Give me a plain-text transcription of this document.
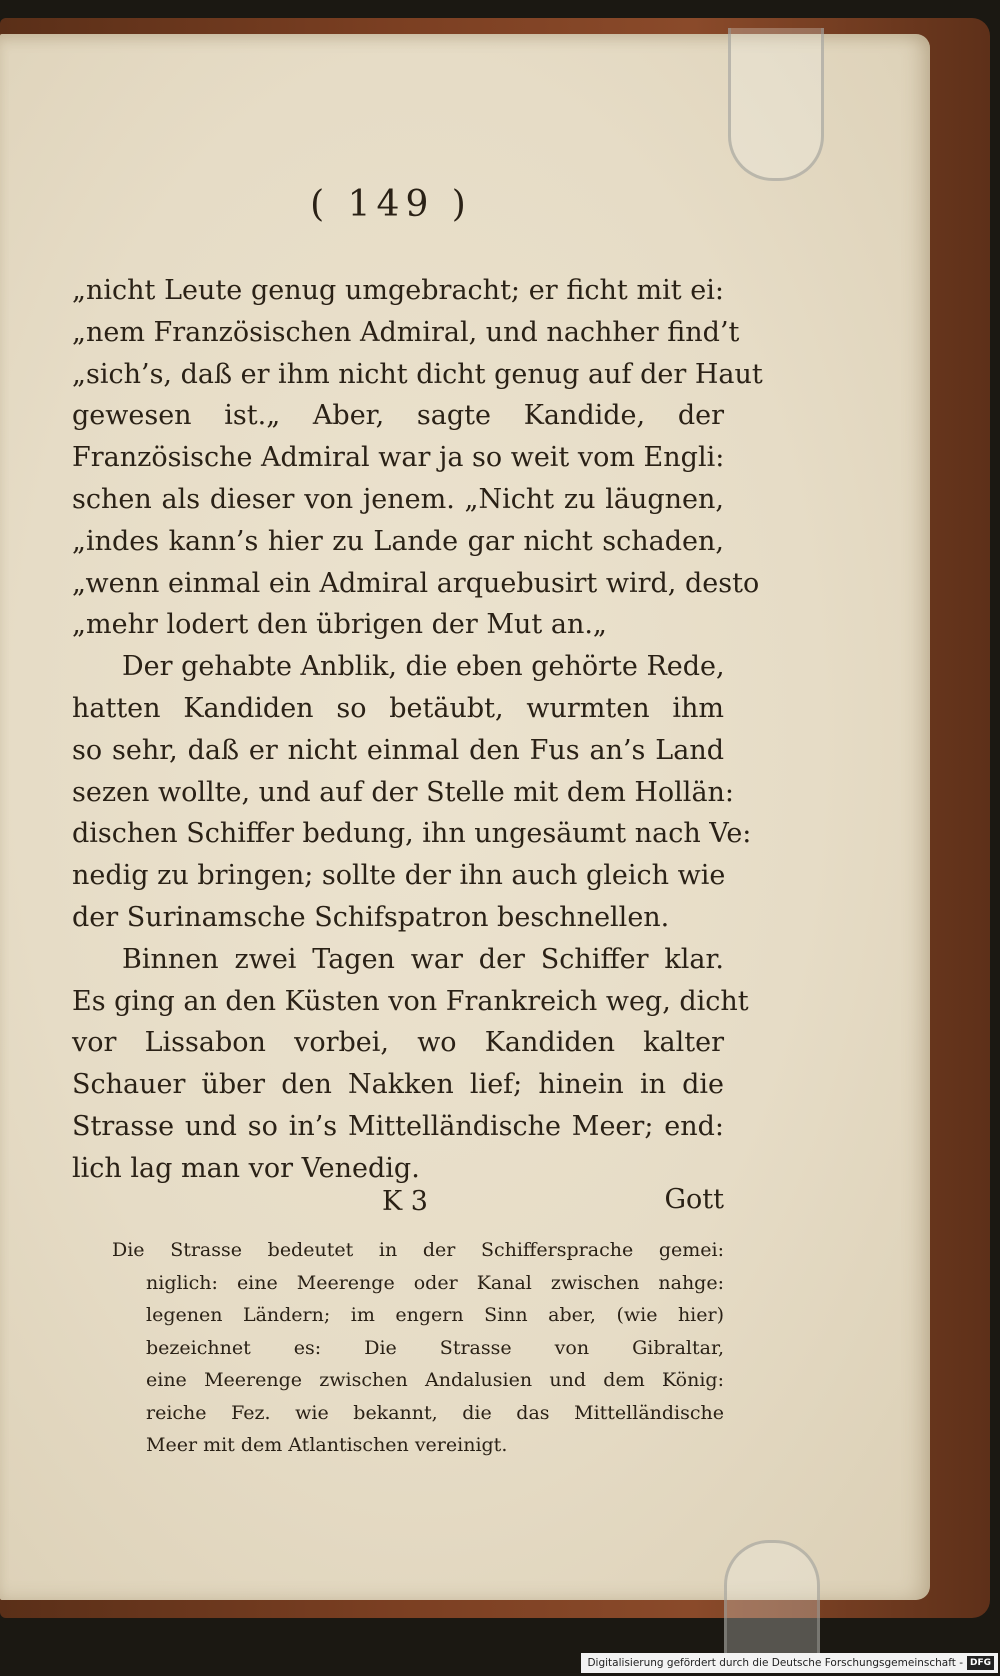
( 149 )
„nicht Leute genug umgebracht; er ficht mit ei:
„nem Französischen Admiral, und nachher find’t
„sich’s, daß er ihm nicht dicht genug auf der Haut
gewesen ist.„ Aber, sagte Kandide, der
Französische Admiral war ja so weit vom Engli:
schen als dieser von jenem. „Nicht zu läugnen,
„indes kann’s hier zu Lande gar nicht schaden,
„wenn einmal ein Admiral arquebusirt wird, desto
„mehr lodert den übrigen der Mut an.„
Der gehabte Anblik, die eben gehörte Rede,
hatten Kandiden so betäubt, wurmten ihm
so sehr, daß er nicht einmal den Fus an’s Land
sezen wollte, und auf der Stelle mit dem Hollän:
dischen Schiffer bedung, ihn ungesäumt nach Ve:
nedig zu bringen; sollte der ihn auch gleich wie
der Surinamsche Schifspatron beschnellen.
Binnen zwei Tagen war der Schiffer klar.
Es ging an den Küsten von Frankreich weg, dicht
vor Lissabon vorbei, wo Kandiden kalter
Schauer über den Nakken lief; hinein in die
Strasse und so in’s Mittelländische Meer; end:
lich lag man vor Venedig.
K 3	Gott
Die Strasse bedeutet in der Schiffersprache gemei:
niglich: eine Meerenge oder Kanal zwischen nahge:
legenen Ländern; im engern Sinn aber, (wie hier)
bezeichnet es: Die Strasse von Gibraltar,
eine Meerenge zwischen Andalusien und dem König:
reiche Fez. wie bekannt, die das Mittelländische
Meer mit dem Atlantischen vereinigt.
Digitalisierung gefördert durch die Deutsche Forschungsgemeinschaft - DFG
